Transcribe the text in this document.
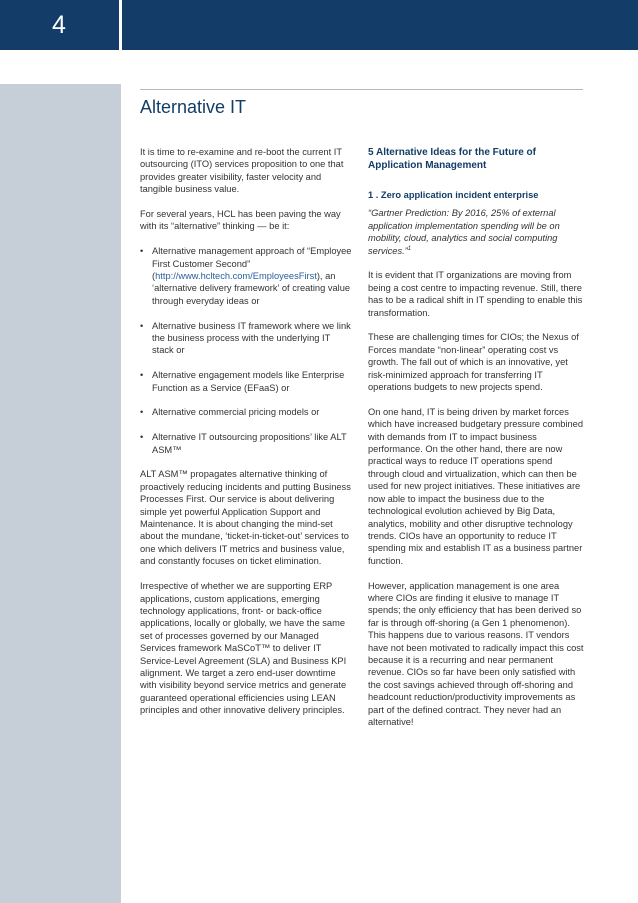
4
Alternative IT

It is time to re-examine and re-boot the current IT outsourcing (ITO) services proposition to one that provides greater visibility, faster velocity and tangible business value.

For several years, HCL has been paving the way with its “alternative” thinking — be it:

• Alternative management approach of “Employee First Customer Second” (http://www.hcltech.com/EmployeesFirst), an ‘alternative delivery framework’ of creating value through everyday ideas or
• Alternative business IT framework where we link the business process with the underlying IT stack or
• Alternative engagement models like Enterprise Function as a Service (EFaaS) or
• Alternative commercial pricing models or
• Alternative IT outsourcing propositions’ like ALT ASM™

ALT ASM™ propagates alternative thinking of proactively reducing incidents and putting Business Processes First. Our service is about delivering simple yet powerful Application Support and Maintenance. It is about changing the mind-set about the mundane, ‘ticket-in-ticket-out’ services to one which delivers IT metrics and business value, and constantly focuses on ticket elimination.

Irrespective of whether we are supporting ERP applications, custom applications, emerging technology applications, front- or back-office applications, locally or globally, we have the same set of processes governed by our Managed Services framework MaSCoT™ to deliver IT Service-Level Agreement (SLA) and Business KPI alignment. We target a zero end-user downtime with visibility beyond service metrics and generate guaranteed operational efficiencies using LEAN principles and other innovative delivery principles.

5 Alternative Ideas for the Future of Application Management
1 . Zero application incident enterprise

“Gartner Prediction: By 2016, 25% of external application implementation spending will be on mobility, cloud, analytics and social computing services.”$^1$

It is evident that IT organizations are moving from being a cost centre to impacting revenue. Still, there has to be a radical shift in IT spending to enable this transformation.

These are challenging times for CIOs; the Nexus of Forces mandate “non-linear” operating cost vs growth. The fall out of which is an innovative, yet risk-minimized approach for transferring IT operations budgets to new projects spend.

On one hand, IT is being driven by market forces which have increased budgetary pressure combined with demands from IT to impact business performance. On the other hand, there are now practical ways to reduce IT operations spend through cloud and virtualization, which can then be used for new project initiatives. These initiatives are now able to impact the business due to the technological evolution achieved by Big Data, analytics, mobility and other disruptive technology trends. CIOs have an opportunity to reduce IT spending mix and establish IT as a business partner function.

However, application management is one area where CIOs are finding it elusive to manage IT spends; the only efficiency that has been derived so far is through off-shoring (a Gen 1 phenomenon). This happens due to various reasons. IT vendors have not been motivated to radically impact this cost because it is a recurring and near permanent revenue. CIOs so far have been only satisfied with the cost savings achieved through off-shoring and headcount reduction/productivity improvements as part of the defined contract. They never had an alternative!
